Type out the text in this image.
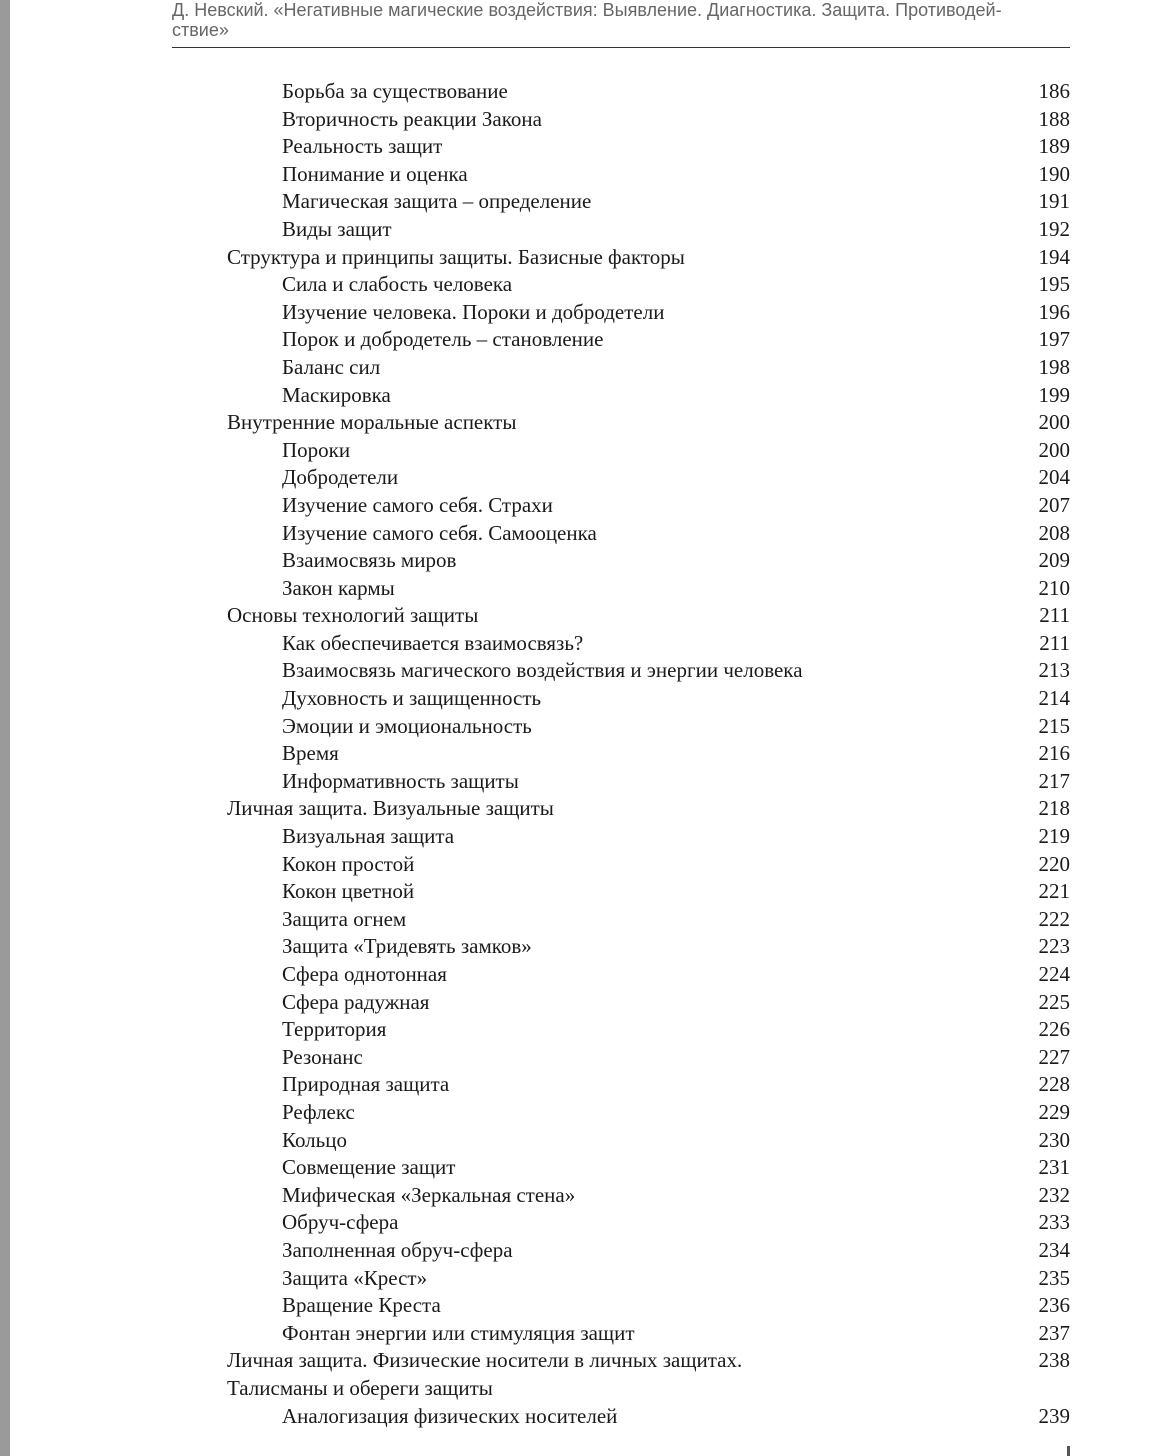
Д. Невский. «Негативные магические воздействия: Выявление. Диагностика. Защита. Противодей-ствие»
Борьба за существование	186
Вторичность реакции Закона	188
Реальность защит	189
Понимание и оценка	190
Магическая защита – определение	191
Виды защит	192
Структура и принципы защиты. Базисные факторы	194
Сила и слабость человека	195
Изучение человека. Пороки и добродетели	196
Порок и добродетель – становление	197
Баланс сил	198
Маскировка	199
Внутренние моральные аспекты	200
Пороки	200
Добродетели	204
Изучение самого себя. Страхи	207
Изучение самого себя. Самооценка	208
Взаимосвязь миров	209
Закон кармы	210
Основы технологий защиты	211
Как обеспечивается взаимосвязь?	211
Взаимосвязь магического воздействия и энергии человека	213
Духовность и защищенность	214
Эмоции и эмоциональность	215
Время	216
Информативность защиты	217
Личная защита. Визуальные защиты	218
Визуальная защита	219
Кокон простой	220
Кокон цветной	221
Защита огнем	222
Защита «Тридевять замков»	223
Сфера однотонная	224
Сфера радужная	225
Территория	226
Резонанс	227
Природная защита	228
Рефлекс	229
Кольцо	230
Совмещение защит	231
Мифическая «Зеркальная стена»	232
Обруч-сфера	233
Заполненная обруч-сфера	234
Защита «Крест»	235
Вращение Креста	236
Фонтан энергии или стимуляция защит	237
Личная защита. Физические носители в личных защитах.	238
Талисманы и обереги защиты
Аналогизация физических носителей	239
